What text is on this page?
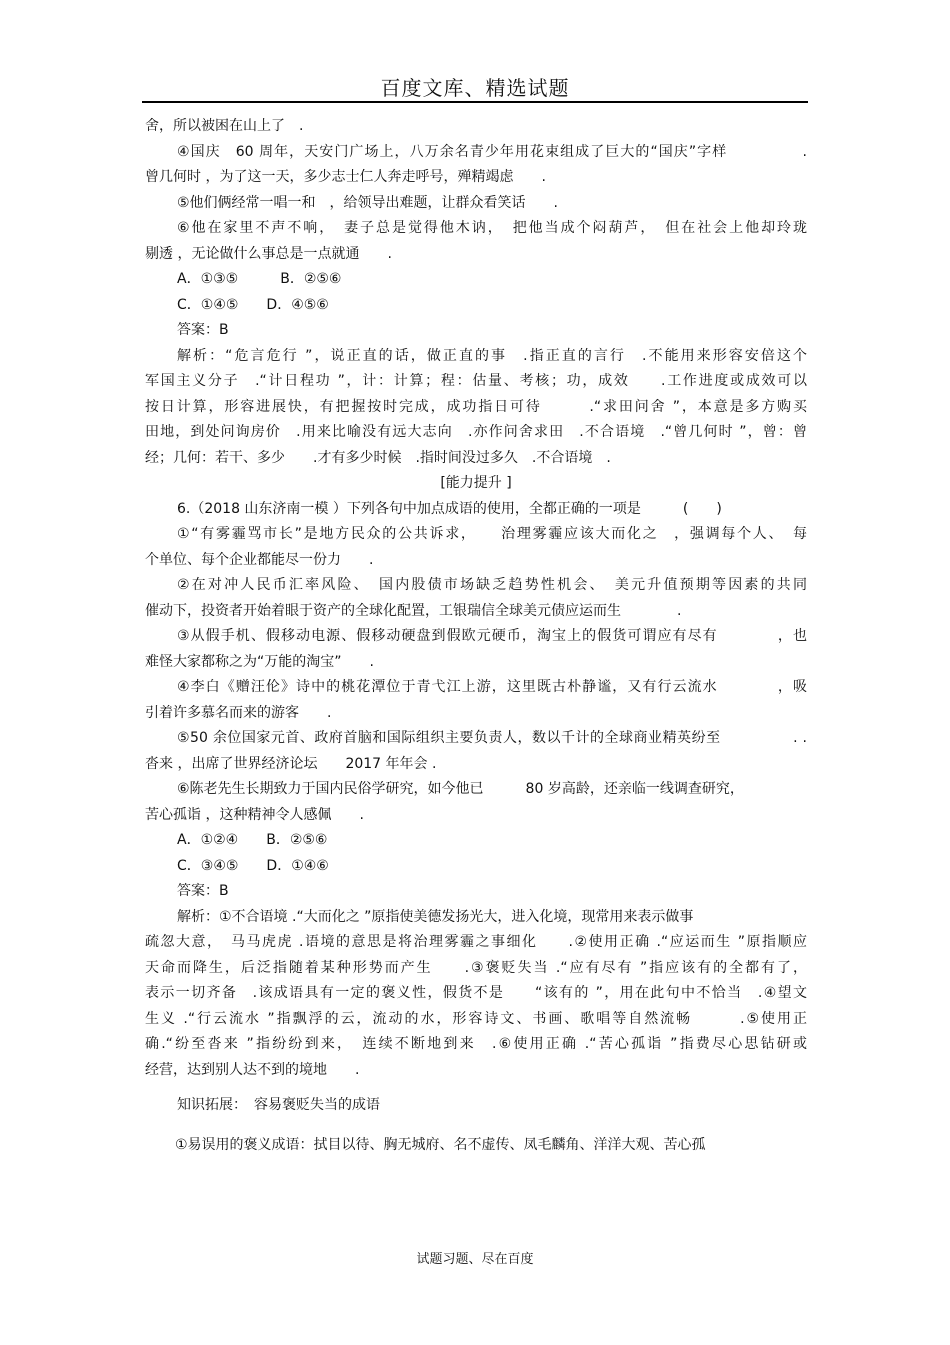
百度文库、精选试题
舍，所以被困在山上了　.
④国庆　60 周年，天安门广场上，八万余名青少年用花束组成了巨大的“国庆”字样　　　　　.
曾几何时 ，为了这一天，多少志士仁人奔走呼号，殚精竭虑　　.
⑤他们俩经常一唱一和　，给领导出难题，让群众看笑话　　.
⑥他在家里不声不响，　妻子总是觉得他木讷，　把他当成个闷葫芦，　但在社会上他却玲珑
剔透 ，无论做什么事总是一点就通　　.
A．①③⑤　　　B．②⑤⑥
C．①④⑤　　D．④⑤⑥
答案：B
解析：“危言危行 ”，说正直的话，做正直的事　.指正直的言行　.不能用来形容安倍这个
军国主义分子　.“计日程功 ”，计：计算；程：估量、考核；功，成效　　.工作进度或成效可以
按日计算，形容进展快，有把握按时完成，成功指日可待　　　.“求田问舍 ”，本意是多方购买
田地，到处问询房价　.用来比喻没有远大志向　.亦作问舍求田　.不合语境　.“曾几何时 ”，曾：曾
经；几何：若干、多少　　.才有多少时候　.指时间没过多久　.不合语境　.
[能力提升 ]
6.（2018 山东济南一模 ）下列各句中加点成语的使用，全都正确的一项是　　　(　　)
①“有雾霾骂市长”是地方民众的公共诉求，　　治理雾霾应该大而化之　，强调每个人、　每
个单位、每个企业都能尽一份力　　.
②在对冲人民币汇率风险、　国内股债市场缺乏趋势性机会、　美元升值预期等因素的共同
催动下，投资者开始着眼于资产的全球化配置，工银瑞信全球美元债应运而生　　　　.
③从假手机、假移动电源、假移动硬盘到假欧元硬币，淘宝上的假货可谓应有尽有　　　　，也
难怪大家都称之为“万能的淘宝”　　.
④李白《赠汪伦》诗中的桃花潭位于青弋江上游，这里既古朴静谧，又有行云流水　　　　，吸
引着许多慕名而来的游客　　.
⑤50 余位国家元首、政府首脑和国际组织主要负责人，数以千计的全球商业精英纷至　　　　　. .
沓来 ，出席了世界经济论坛　　2017 年年会 .
⑥陈老先生长期致力于国内民俗学研究，如今他已　　　80 岁高龄，还亲临一线调查研究，
苦心孤诣 ，这种精神令人感佩　　.
A．①②④　　B．②⑤⑥
C．③④⑤　　D．①④⑥
答案：B
解析：①不合语境 .“大而化之 ”原指使美德发扬光大，进入化境，现常用来表示做事
疏忽大意，　马马虎虎 .语境的意思是将治理雾霾之事细化　　.②使用正确 .“应运而生 ”原指顺应
天命而降生，后泛指随着某种形势而产生　　.③褒贬失当 .“应有尽有 ”指应该有的全都有了，
表示一切齐备　.该成语具有一定的褒义性，假货不是　　“该有的 ”，用在此句中不恰当　.④望文
生义 .“行云流水 ”指飘浮的云，流动的水，形容诗文、书画、歌唱等自然流畅　　　.⑤使用正
确.“纷至沓来 ”指纷纷到来，　连续不断地到来　.⑥使用正确 .“苦心孤诣 ”指费尽心思钻研或
经营，达到别人达不到的境地　　.
知识拓展：　容易褒贬失当的成语
①易误用的褒义成语：拭目以待、胸无城府、名不虚传、凤毛麟角、洋洋大观、苦心孤
试题习题、尽在百度
